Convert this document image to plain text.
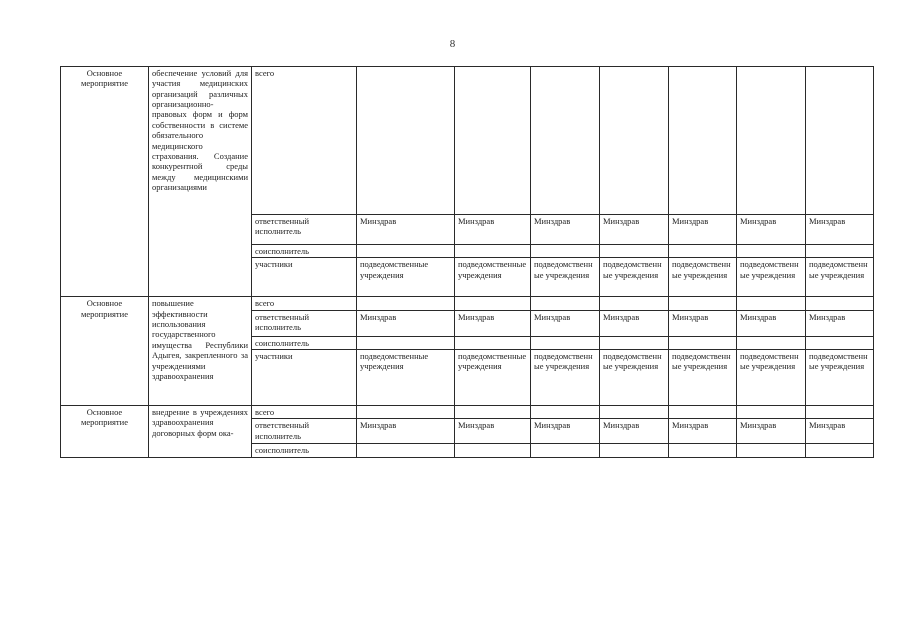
8
Основное мероприятие	обеспечение условий для участия медицинских организаций различных организационно-правовых форм и форм собственности в системе обязательного медицинского страхования. Создание конкурентной среды между медицинскими организациями	всего							
		ответственный исполнитель	Минздрав	Минздрав	Минздрав	Минздрав	Минздрав	Минздрав	Минздрав
		соисполнитель							
		участники	подведомственные учреждения	подведомственные учреждения	подведомственные учреждения	подведомственные учреждения	подведомственные учреждения	подведомственные учреждения	подведомственные учреждения
Основное мероприятие	повышение эффективности использования государственного имущества Республики Адыгея, закрепленного за учреждениями здравоохранения	всего							
		ответственный исполнитель	Минздрав	Минздрав	Минздрав	Минздрав	Минздрав	Минздрав	Минздрав
		соисполнитель							
		участники	подведомственные учреждения	подведомственные учреждения	подведомственные учреждения	подведомственные учреждения	подведомственные учреждения	подведомственные учреждения	подведомственные учреждения
Основное мероприятие	внедрение в учреждениях здравоохранения договорных форм ока-	всего							
		ответственный исполнитель	Минздрав	Минздрав	Минздрав	Минздрав	Минздрав	Минздрав	Минздрав
		соисполнитель							
